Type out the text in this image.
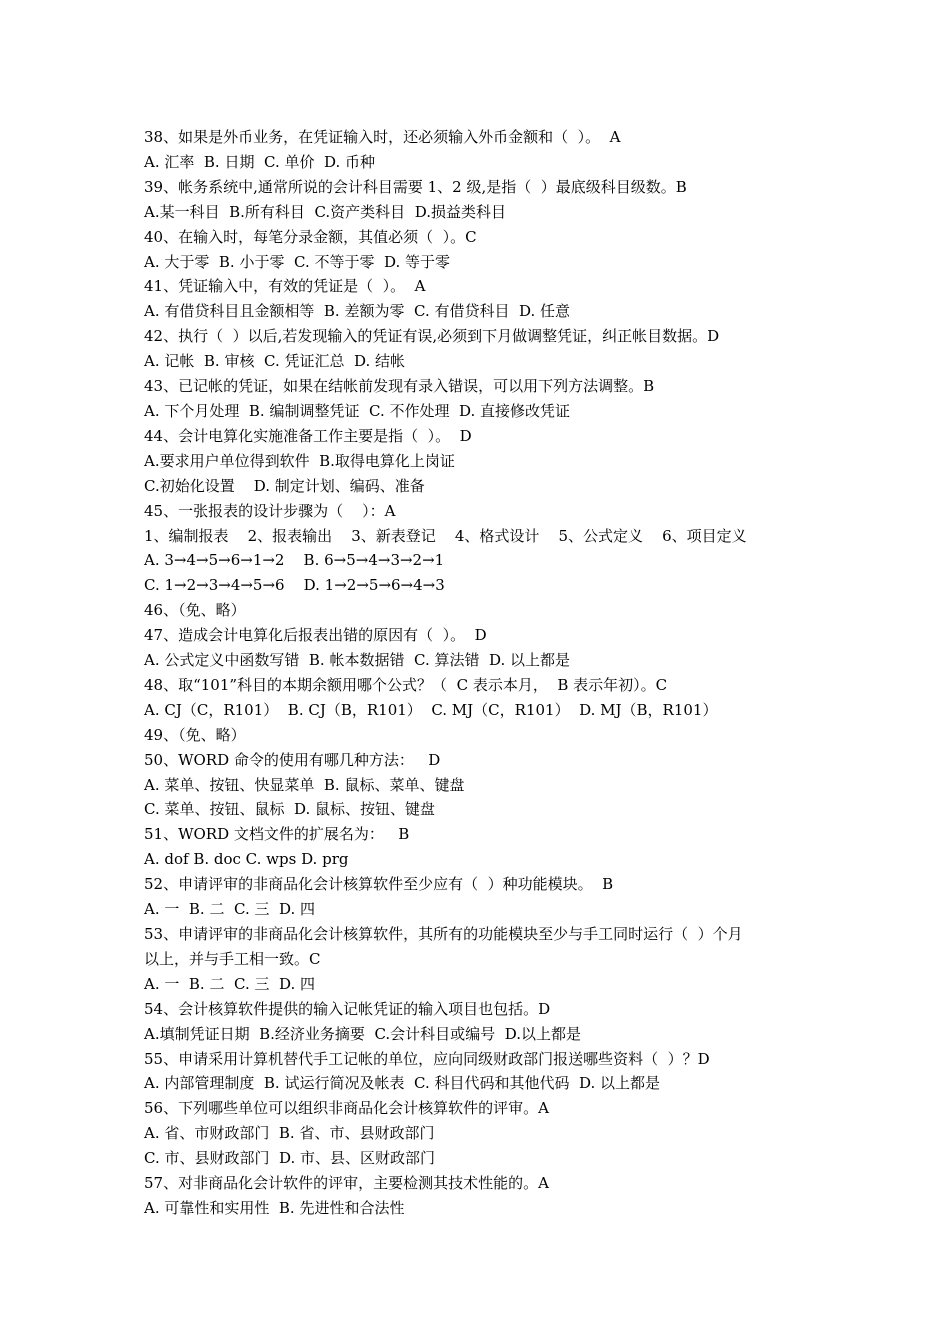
38、如果是外币业务，在凭证输入时，还必须输入外币金额和（  ）。  A

A. 汇率  B. 日期  C. 单价  D. 币种

39、帐务系统中,通常所说的会计科目需要 1、2 级,是指（  ）最底级科目级数。B

A.某一科目  B.所有科目  C.资产类科目  D.损益类科目

40、在输入时，每笔分录金额，其值必须（  ）。C

A. 大于零  B. 小于零  C. 不等于零  D. 等于零

41、凭证输入中，有效的凭证是（  ）。  A

A. 有借贷科目且金额相等  B. 差额为零  C. 有借贷科目  D. 任意

42、执行（  ）以后,若发现输入的凭证有误,必须到下月做调整凭证，纠正帐目数据。D

A. 记帐  B. 审核  C. 凭证汇总  D. 结帐

43、已记帐的凭证，如果在结帐前发现有录入错误，可以用下列方法调整。B

A. 下个月处理  B. 编制调整凭证  C. 不作处理  D. 直接修改凭证

44、会计电算化实施准备工作主要是指（  ）。  D

A.要求用户单位得到软件  B.取得电算化上岗证

C.初始化设置    D. 制定计划、编码、准备

45、一张报表的设计步骤为（    ）：A

1、编制报表    2、报表输出    3、新表登记    4、格式设计    5、公式定义    6、项目定义

A. 3→4→5→6→1→2    B. 6→5→4→3→2→1

C. 1→2→3→4→5→6    D. 1→2→5→6→4→3

46、（免、略）

47、造成会计电算化后报表出错的原因有（  ）。  D

A. 公式定义中函数写错  B. 帐本数据错  C. 算法错  D. 以上都是

48、取“101”科目的本期余额用哪个公式？（  C 表示本月，  B 表示年初）。C

A. CJ（C，R101）  B. CJ（B，R101）  C. MJ（C，R101）  D. MJ（B，R101）

49、（免、略）

50、WORD 命令的使用有哪几种方法：   D

A. 菜单、按钮、快显菜单  B. 鼠标、菜单、键盘

C. 菜单、按钮、鼠标  D. 鼠标、按钮、键盘

51、WORD 文档文件的扩展名为：   B

A. dof B. doc C. wps D. prg

52、申请评审的非商品化会计核算软件至少应有（  ）种功能模块。  B

A. 一  B. 二  C. 三  D. 四

53、申请评审的非商品化会计核算软件，其所有的功能模块至少与手工同时运行（  ）个月

以上，并与手工相一致。C

A. 一  B. 二  C. 三  D. 四

54、会计核算软件提供的输入记帐凭证的输入项目也包括。D

A.填制凭证日期  B.经济业务摘要  C.会计科目或编号  D.以上都是

55、申请采用计算机替代手工记帐的单位，应向同级财政部门报送哪些资料（  ）？D

A. 内部管理制度  B. 试运行简况及帐表  C. 科目代码和其他代码  D. 以上都是

56、下列哪些单位可以组织非商品化会计核算软件的评审。A

A. 省、市财政部门  B. 省、市、县财政部门

C. 市、县财政部门  D. 市、县、区财政部门

57、对非商品化会计软件的评审，主要检测其技术性能的。A

A. 可靠性和实用性  B. 先进性和合法性
